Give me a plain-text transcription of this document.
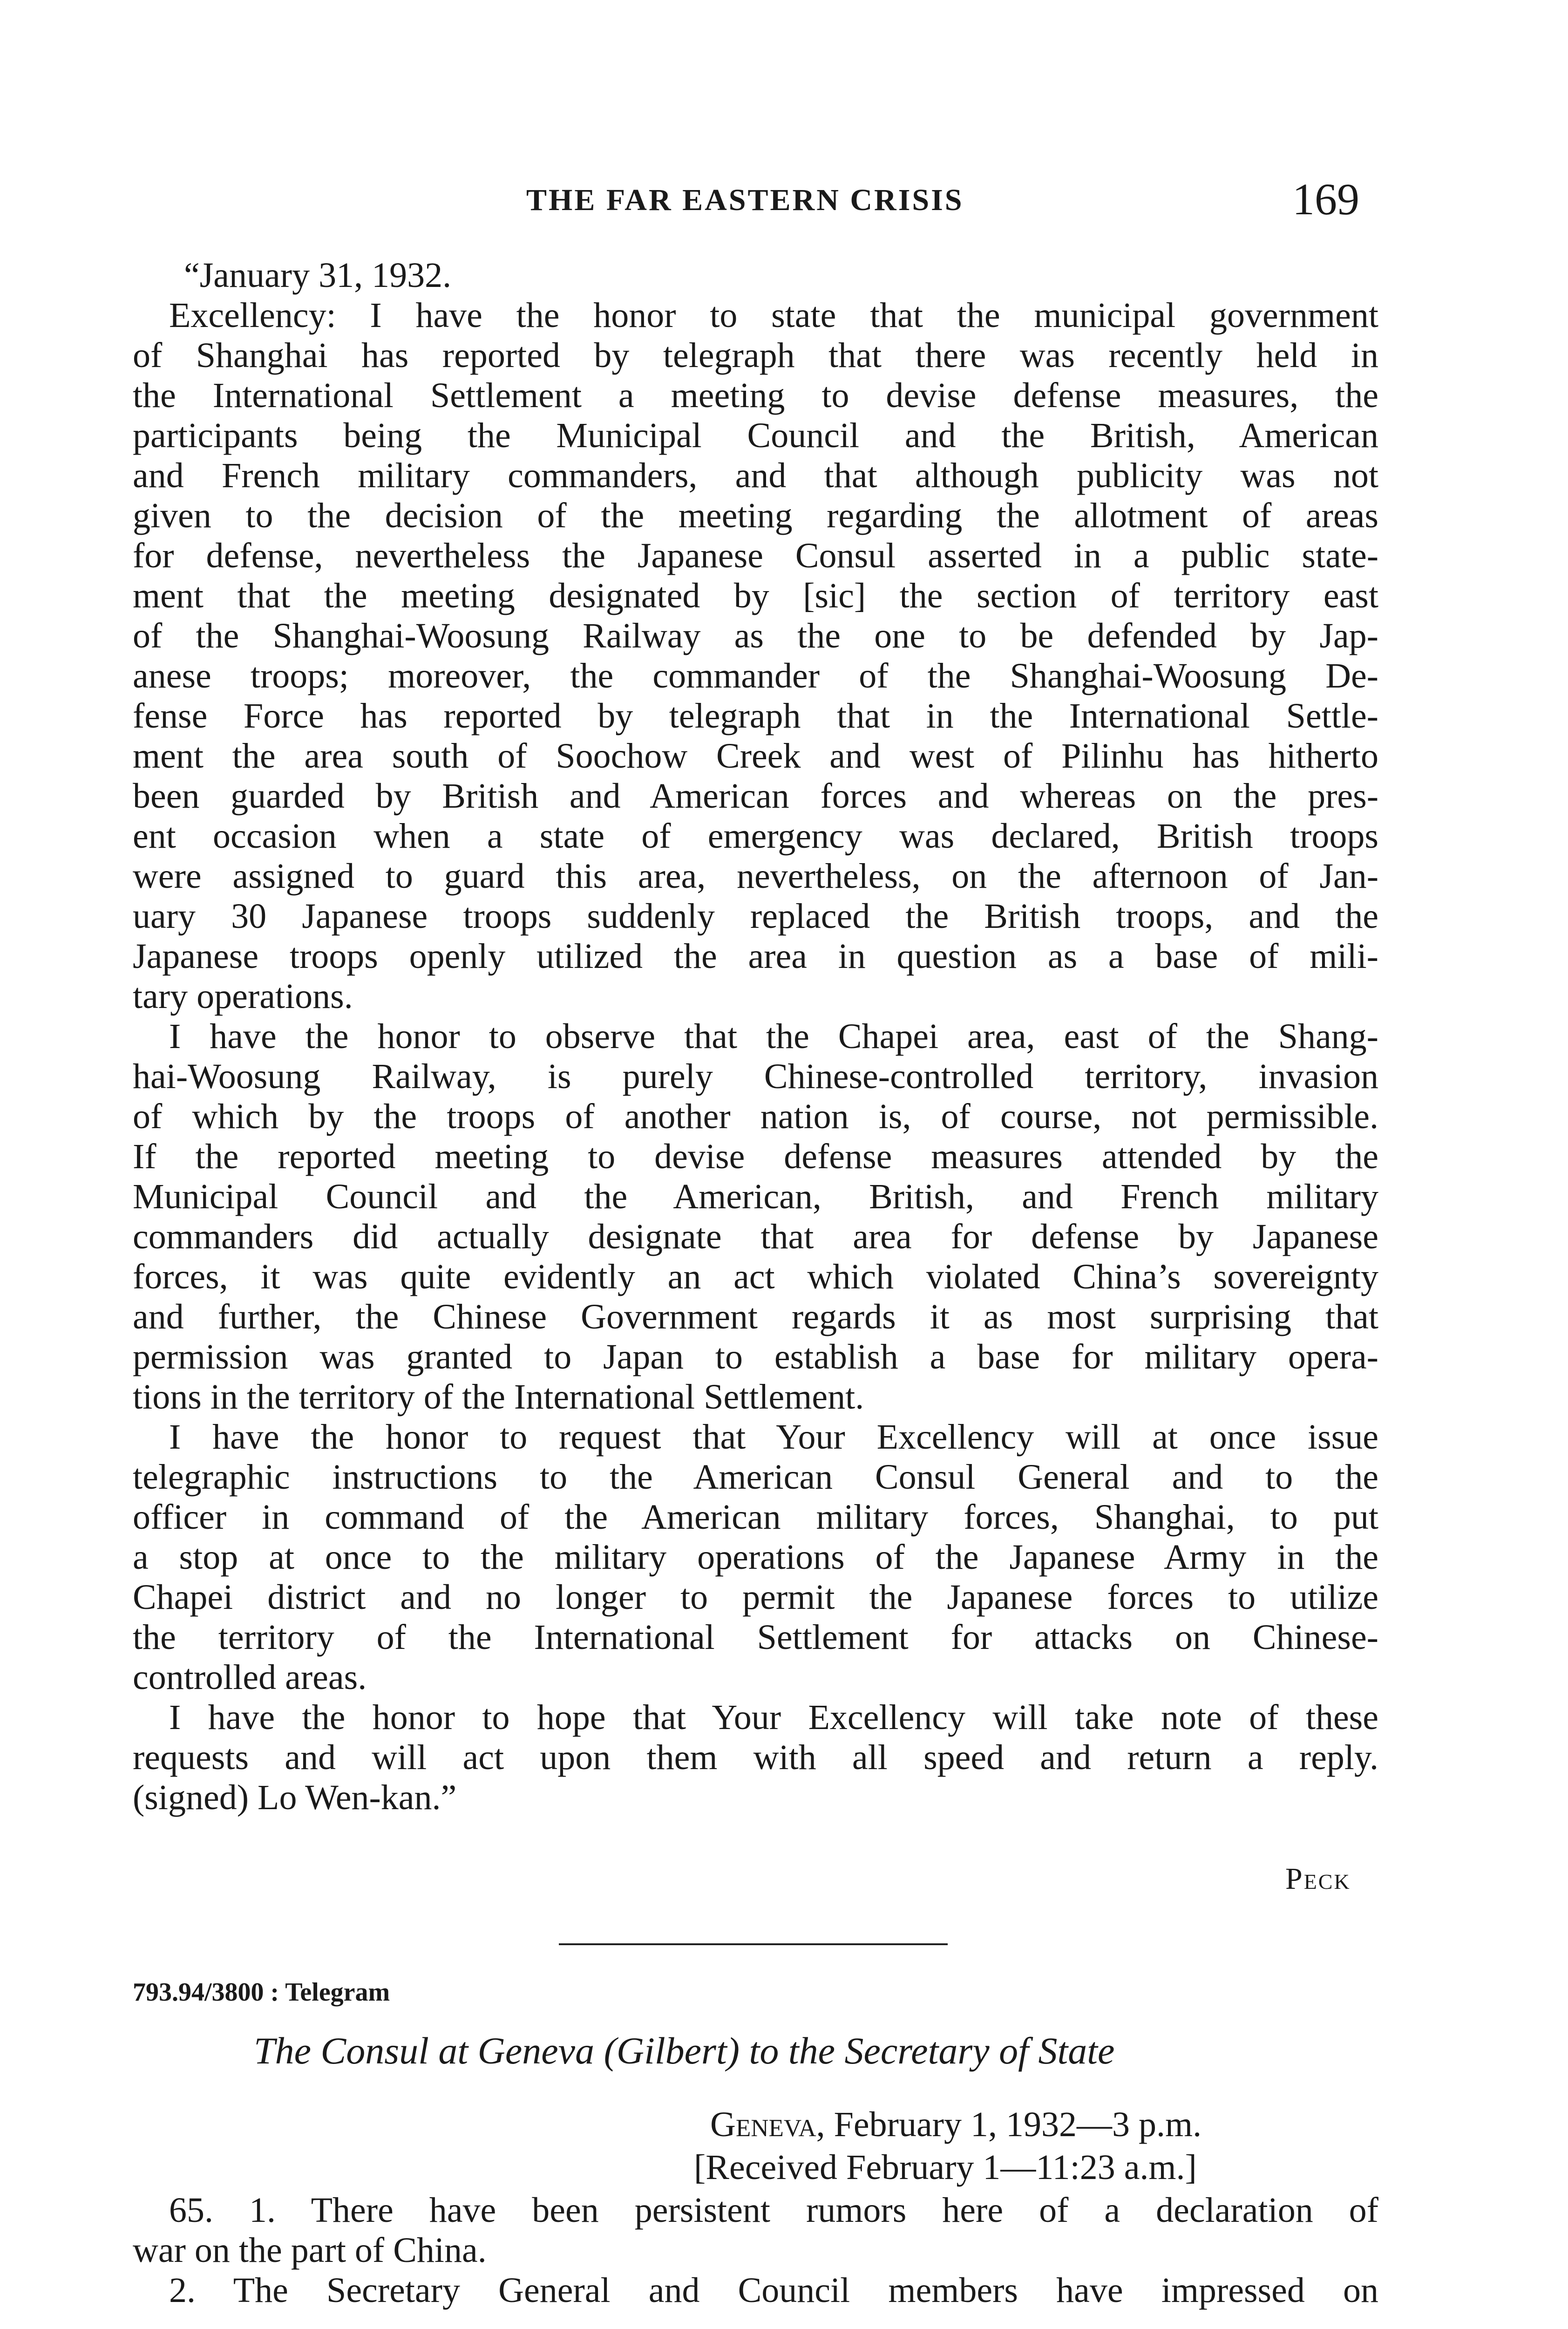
THE FAR EASTERN CRISIS	169
“January 31, 1932.
Excellency: I have the honor to state that the municipal government
of Shanghai has reported by telegraph that there was recently held in
the International Settlement a meeting to devise defense measures, the
participants being the Municipal Council and the British, American
and French military commanders, and that although publicity was not
given to the decision of the meeting regarding the allotment of areas
for defense, nevertheless the Japanese Consul asserted in a public state-
ment that the meeting designated by [sic] the section of territory east
of the Shanghai-Woosung Railway as the one to be defended by Jap-
anese troops; moreover, the commander of the Shanghai-Woosung De-
fense Force has reported by telegraph that in the International Settle-
ment the area south of Soochow Creek and west of Pilinhu has hitherto
been guarded by British and American forces and whereas on the pres-
ent occasion when a state of emergency was declared, British troops
were assigned to guard this area, nevertheless, on the afternoon of Jan-
uary 30 Japanese troops suddenly replaced the British troops, and the
Japanese troops openly utilized the area in question as a base of mili-
tary operations.
I have the honor to observe that the Chapei area, east of the Shang-
hai-Woosung Railway, is purely Chinese-controlled territory, invasion
of which by the troops of another nation is, of course, not permissible.
If the reported meeting to devise defense measures attended by the
Municipal Council and the American, British, and French military
commanders did actually designate that area for defense by Japanese
forces, it was quite evidently an act which violated China’s sovereignty
and further, the Chinese Government regards it as most surprising that
permission was granted to Japan to establish a base for military opera-
tions in the territory of the International Settlement.
I have the honor to request that Your Excellency will at once issue
telegraphic instructions to the American Consul General and to the
officer in command of the American military forces, Shanghai, to put
a stop at once to the military operations of the Japanese Army in the
Chapei district and no longer to permit the Japanese forces to utilize
the territory of the International Settlement for attacks on Chinese-
controlled areas.
I have the honor to hope that Your Excellency will take note of these
requests and will act upon them with all speed and return a reply.
(signed) Lo Wen-kan.”
Peck
793.94/3800 : Telegram
The Consul at Geneva (Gilbert) to the Secretary of State
Geneva, February 1, 1932—3 p.m.
[Received February 1—11:23 a.m.]
65. 1. There have been persistent rumors here of a declaration of
war on the part of China.
2. The Secretary General and Council members have impressed on
